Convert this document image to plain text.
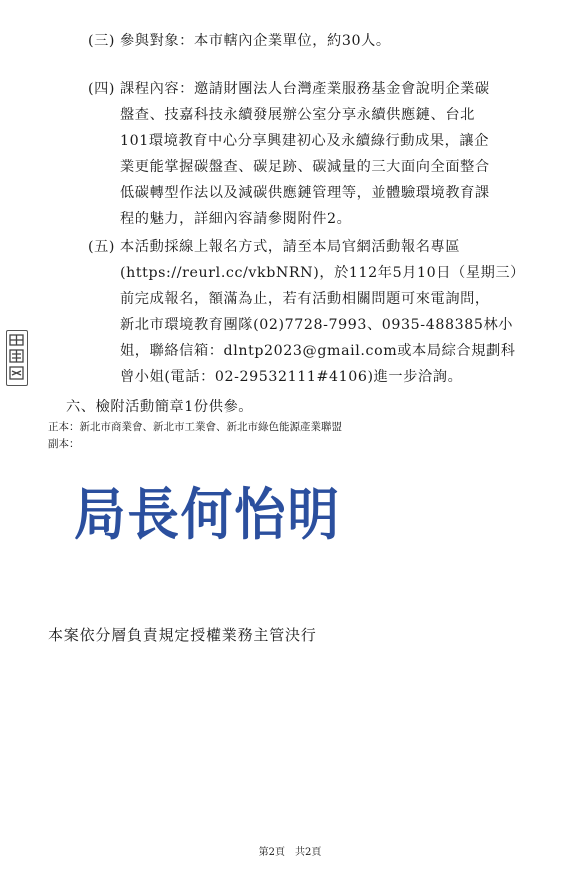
(三) 參與對象：本市轄內企業單位，約30人。
(四) 課程內容：邀請財團法人台灣產業服務基金會說明企業碳
盤查、技嘉科技永續發展辦公室分享永續供應鏈、台北
101環境教育中心分享興建初心及永續綠行動成果，讓企
業更能掌握碳盤查、碳足跡、碳減量的三大面向全面整合
低碳轉型作法以及減碳供應鏈管理等，並體驗環境教育課
程的魅力，詳細內容請參閱附件2。
(五) 本活動採線上報名方式，請至本局官網活動報名專區
(https://reurl.cc/vkbNRN)，於112年5月10日（星期三）
前完成報名，額滿為止，若有活動相關問題可來電詢問，
新北市環境教育團隊(02)7728-7993、0935-488385林小
姐，聯絡信箱：dlntp2023@gmail.com或本局綜合規劃科
曾小姐(電話：02-29532111#4106)進一步洽詢。
六、檢附活動簡章1份供參。
正本：新北市商業會、新北市工業會、新北市綠色能源產業聯盟
副本：
局長何怡明
本案依分層負責規定授權業務主管決行
第2頁　共2頁
